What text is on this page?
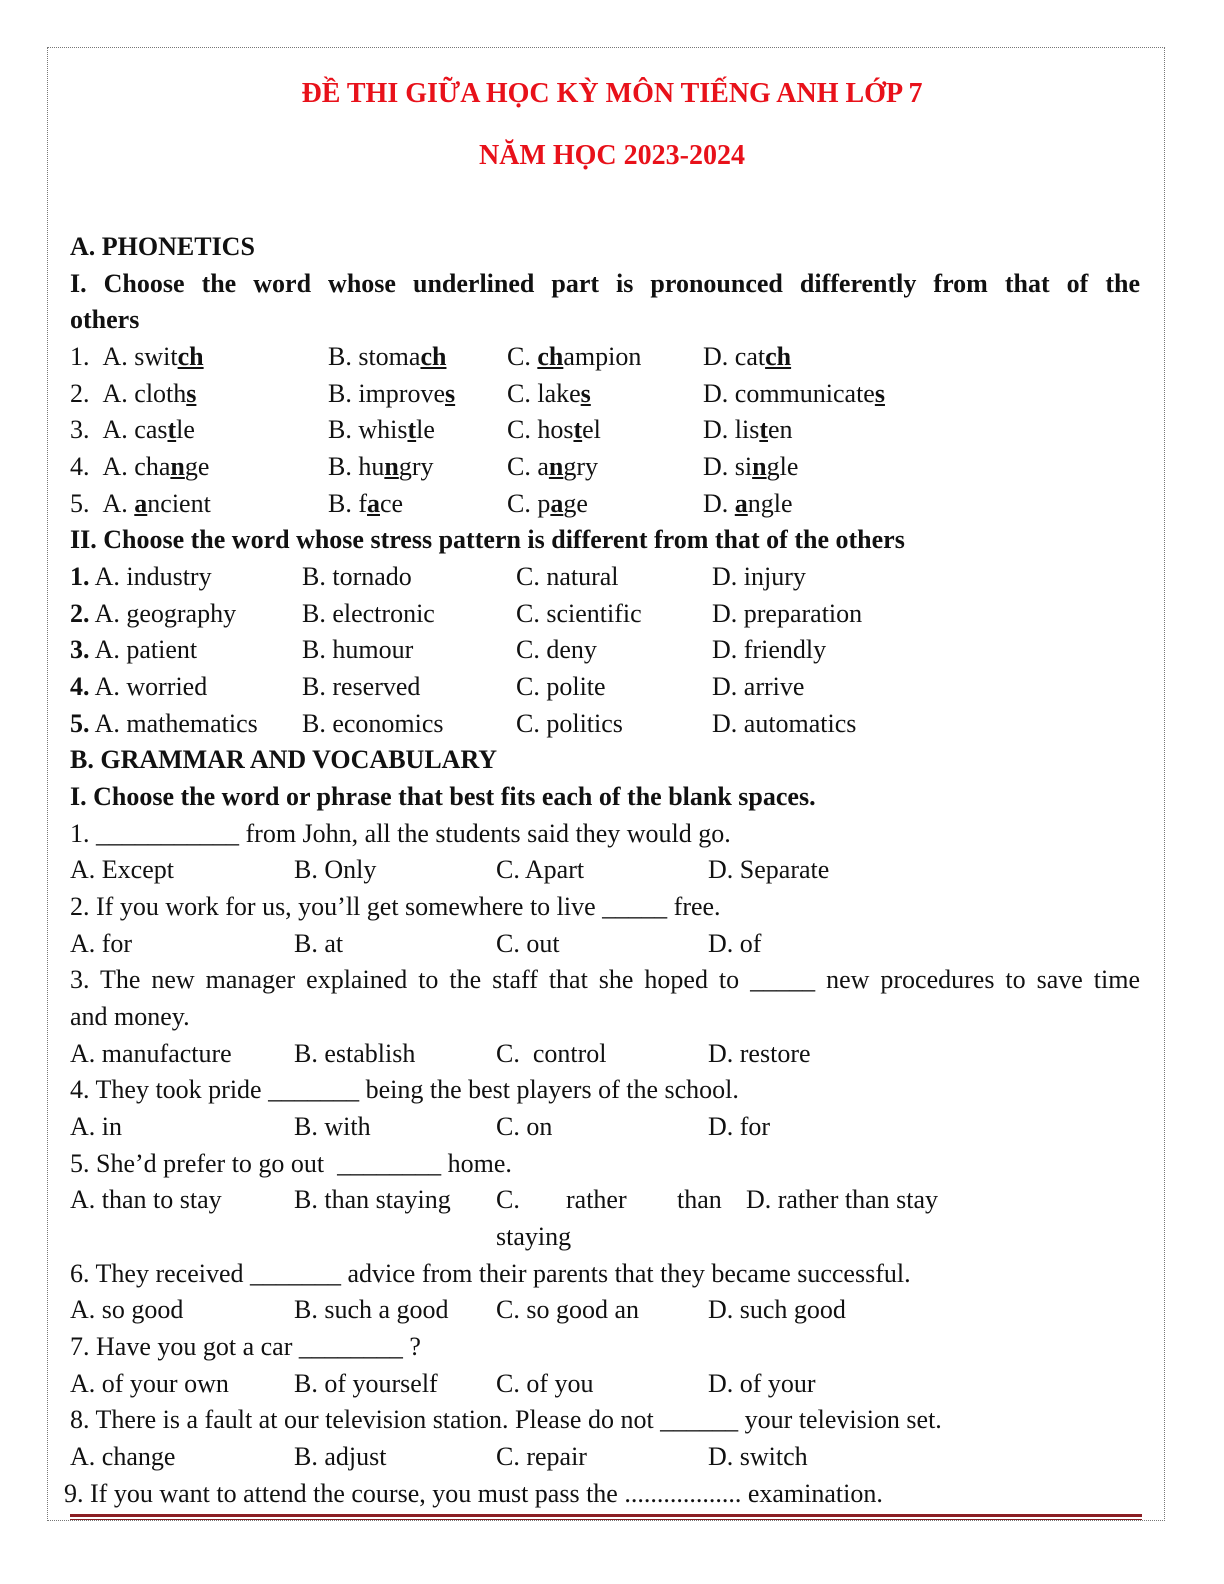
ĐỀ THI GIỮA HỌC KỲ MÔN TIẾNG ANH LỚP 7
NĂM HỌC 2023-2024
A. PHONETICS
I. Choose the word whose underlined part is pronounced differently from that of the
others
1.  A. switch	B. stomach C. champion D. catch
2.  A. cloths	B. improves C. lakes	D. communicates
3.  A. castle	B. whistle	C. hostel	D. listen
4.  A. change	B. hungry	C. angry	D. single
5.  A. ancient	B. face	C. page	D. angle
II. Choose the word whose stress pattern is different from that of the others
1. A. industry	B. tornado	C. natural	D. injury
2. A. geography	B. electronic	C. scientific	D. preparation
3. A. patient	B. humour	C. deny	D. friendly
4. A. worried	B. reserved	C. polite	D. arrive
5. A. mathematics B. economics	C. politics	D. automatics
B. GRAMMAR AND VOCABULARY
I. Choose the word or phrase that best fits each of the blank spaces.
1. ___________ from John, all the students said they would go.
A. Except	B. Only	C. Apart	D. Separate
2. If you work for us, you’ll get somewhere to live _____ free.
A. for	B. at	C. out	D. of
3. The new manager explained to the staff that she hoped to _____ new procedures to save time
and money.
A. manufacture B. establish	C.  control	D. restore
4. They took pride _______ being the best players of the school.
A. in	B. with	C. on	D. for
5. She’d prefer to go out  ________ home.
A. than to stay	B. than staying C. rather than D. rather than stay
staying
6. They received _______ advice from their parents that they became successful.
A. so good	B. such a good C. so good an	D. such good
7. Have you got a car ________ ?
A. of your own	B. of yourself C. of you	D. of your
8. There is a fault at our television station. Please do not ______ your television set.
A. change	B. adjust	C. repair	D. switch
9. If you want to attend the course, you must pass the .................. examination.
